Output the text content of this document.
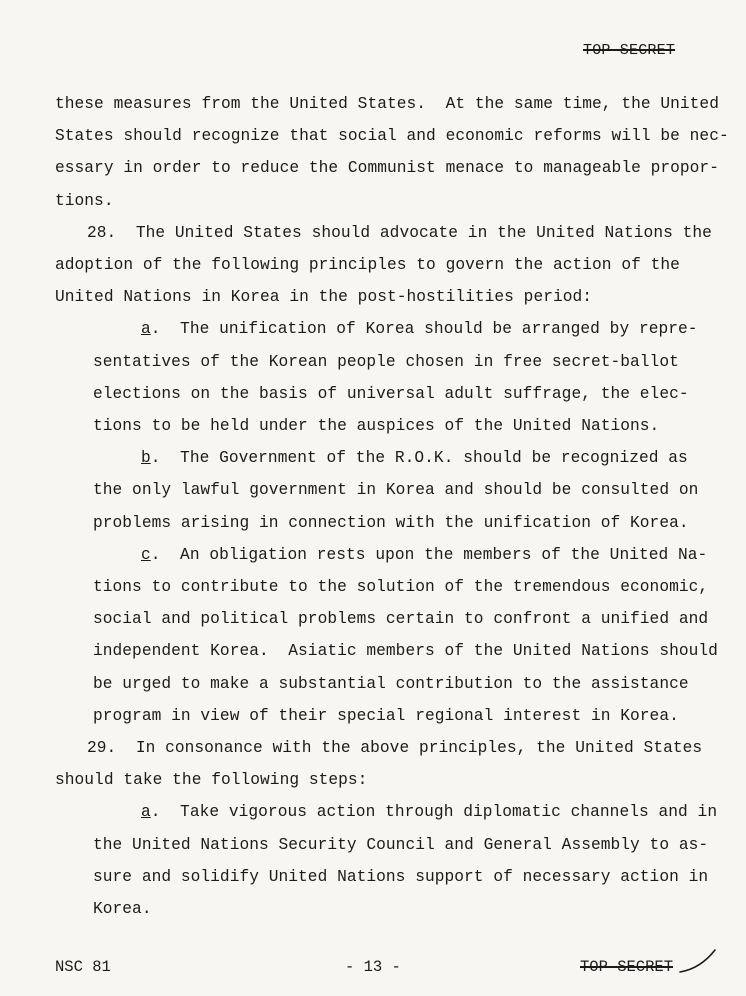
TOP SECRET
these measures from the United States.  At the same time, the United
States should recognize that social and economic reforms will be nec-
essary in order to reduce the Communist menace to manageable propor-
tions.
28.  The United States should advocate in the United Nations the
adoption of the following principles to govern the action of the
United Nations in Korea in the post-hostilities period:
a.  The unification of Korea should be arranged by repre-
sentatives of the Korean people chosen in free secret-ballot
elections on the basis of universal adult suffrage, the elec-
tions to be held under the auspices of the United Nations.
b.  The Government of the R.O.K. should be recognized as
the only lawful government in Korea and should be consulted on
problems arising in connection with the unification of Korea.
c.  An obligation rests upon the members of the United Na-
tions to contribute to the solution of the tremendous economic,
social and political problems certain to confront a unified and
independent Korea.  Asiatic members of the United Nations should
be urged to make a substantial contribution to the assistance
program in view of their special regional interest in Korea.
29.  In consonance with the above principles, the United States
should take the following steps:
a.  Take vigorous action through diplomatic channels and in
the United Nations Security Council and General Assembly to as-
sure and solidify United Nations support of necessary action in
Korea.
NSC 81	- 13 -	TOP SECRET
